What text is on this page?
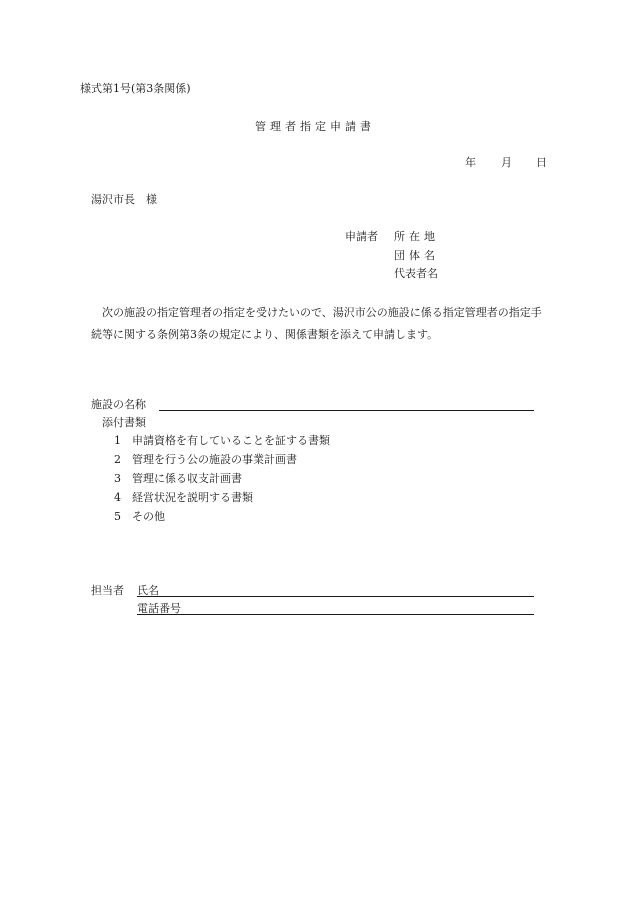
様式第1号(第3条関係)
管理者指定申請書
年 月 日
湯沢市長　様
申請者 所在地
団体名
代表者名
次の施設の指定管理者の指定を受けたいので、湯沢市公の施設に係る指定管理者の指定手続等に関する条例第3条の規定により、関係書類を添えて申請します。
施設の名称
添付書類
1 申請資格を有していることを証する書類
2 管理を行う公の施設の事業計画書
3 管理に係る収支計画書
4 経営状況を説明する書類
5 その他
担当者 氏名
電話番号
